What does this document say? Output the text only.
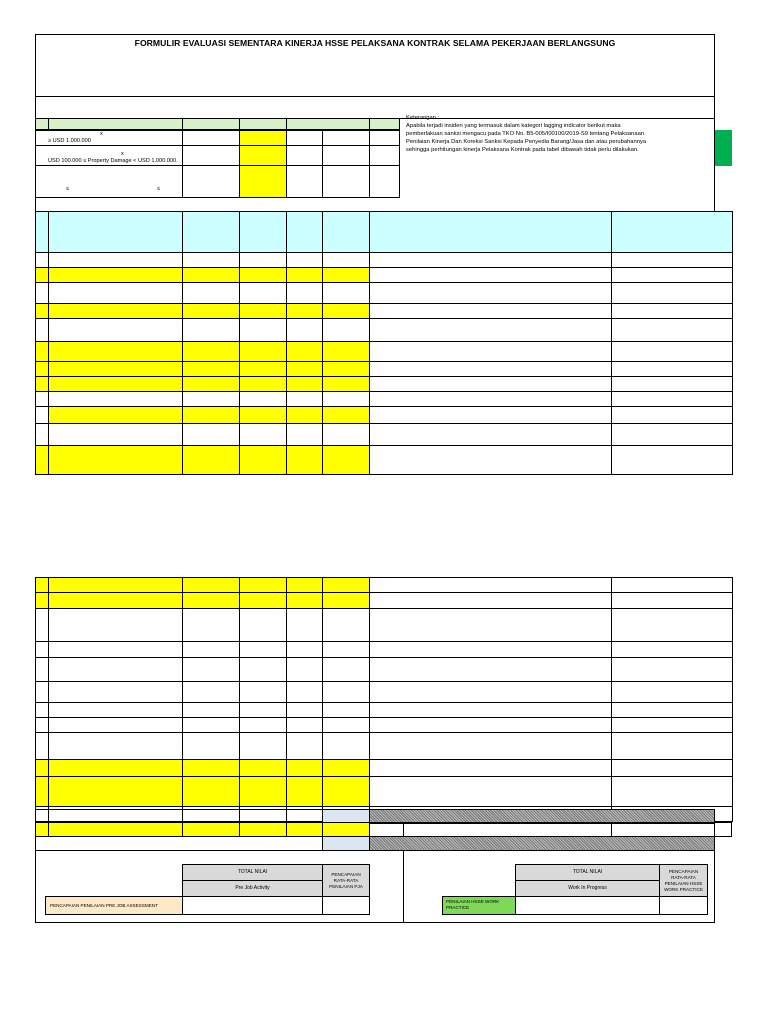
FORMULIR EVALUASI SEMENTARA KINERJA HSSE PELAKSANA KONTRAK SELAMA PEKERJAAN BERLANGSUNG
x
≥ USD 1.000.000
x
USD 100.000 ≤ Property Damage < USD 1.000.000.
≤	≤
Keterangan :
Apabila terjadi insiden yang termasuk dalam kategori lagging indicator berikut maka
pemberlakuan sanksi mengacu pada TKO No. B5-005/I00100/2019-S9 tentang Pelaksanaan
Penilaian Kinerja Dan Koreksi Sanksi Kepada Penyedia Barang/Jasa dan atau perubahannya
sehingga perhitungan kinerja Pelaksana Kontrak pada tabel dibawah tidak perlu dilakukan.
TOTAL NILAI
Pre Job Activity
PENCAPAIAN RATA-RATA PENILAIAN PJA
PENCAPAIAN PENILAIAN PRE JOB ASSESSMENT
TOTAL NILAI
Work In Progress
PENCAPAIAN RATA-RATA PENILAIAN HSSE WORK PRACTICE
PENILAIAN HSSE WORK PRACTICE
